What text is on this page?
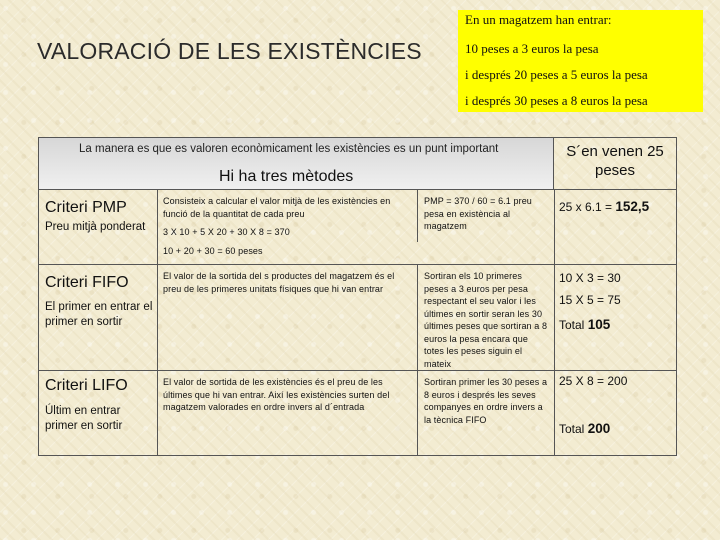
VALORACIÓ DE LES EXISTÈNCIES
En un magatzem han entrar:
10 peses a 3 euros la pesa
i després 20 peses a 5 euros la pesa
i després 30 peses a 8 euros la pesa
La manera es que es valoren econòmicament les existències es un punt important
Hi ha tres mètodes
S´en venen 25
peses
Criteri PMP
Preu mitjà ponderat
Consisteix a calcular el valor mitjà de les existències en funció de la quantitat de cada preu
3 X 10 + 5 X 20 + 30 X 8 = 370
10 + 20 + 30 = 60 peses
PMP = 370 / 60 = 6.1 preu pesa en existència al magatzem
25 x 6.1 = 152,5
Criteri FIFO
El primer en entrar el primer en sortir
El valor de la sortida del s productes del magatzem és el preu de les primeres unitats físiques que hi van entrar
Sortiran els 10 primeres peses a 3 euros per pesa respectant el seu valor i les últimes en sortir seran les 30 últimes peses que sortiran a 8 euros la pesa encara que totes les peses siguin el mateix
10 X 3 = 30
15 X 5 = 75
Total 105
Criteri LIFO
Últim en entrar primer en sortir
El valor de sortida de les existències és el preu de les últimes que hi van entrar. Així les existències surten del magatzem valorades en ordre invers al d´entrada
Sortiran primer les 30 peses a 8 euros i després les seves companyes en ordre invers a la tècnica FIFO
25 X 8 = 200
Total 200
